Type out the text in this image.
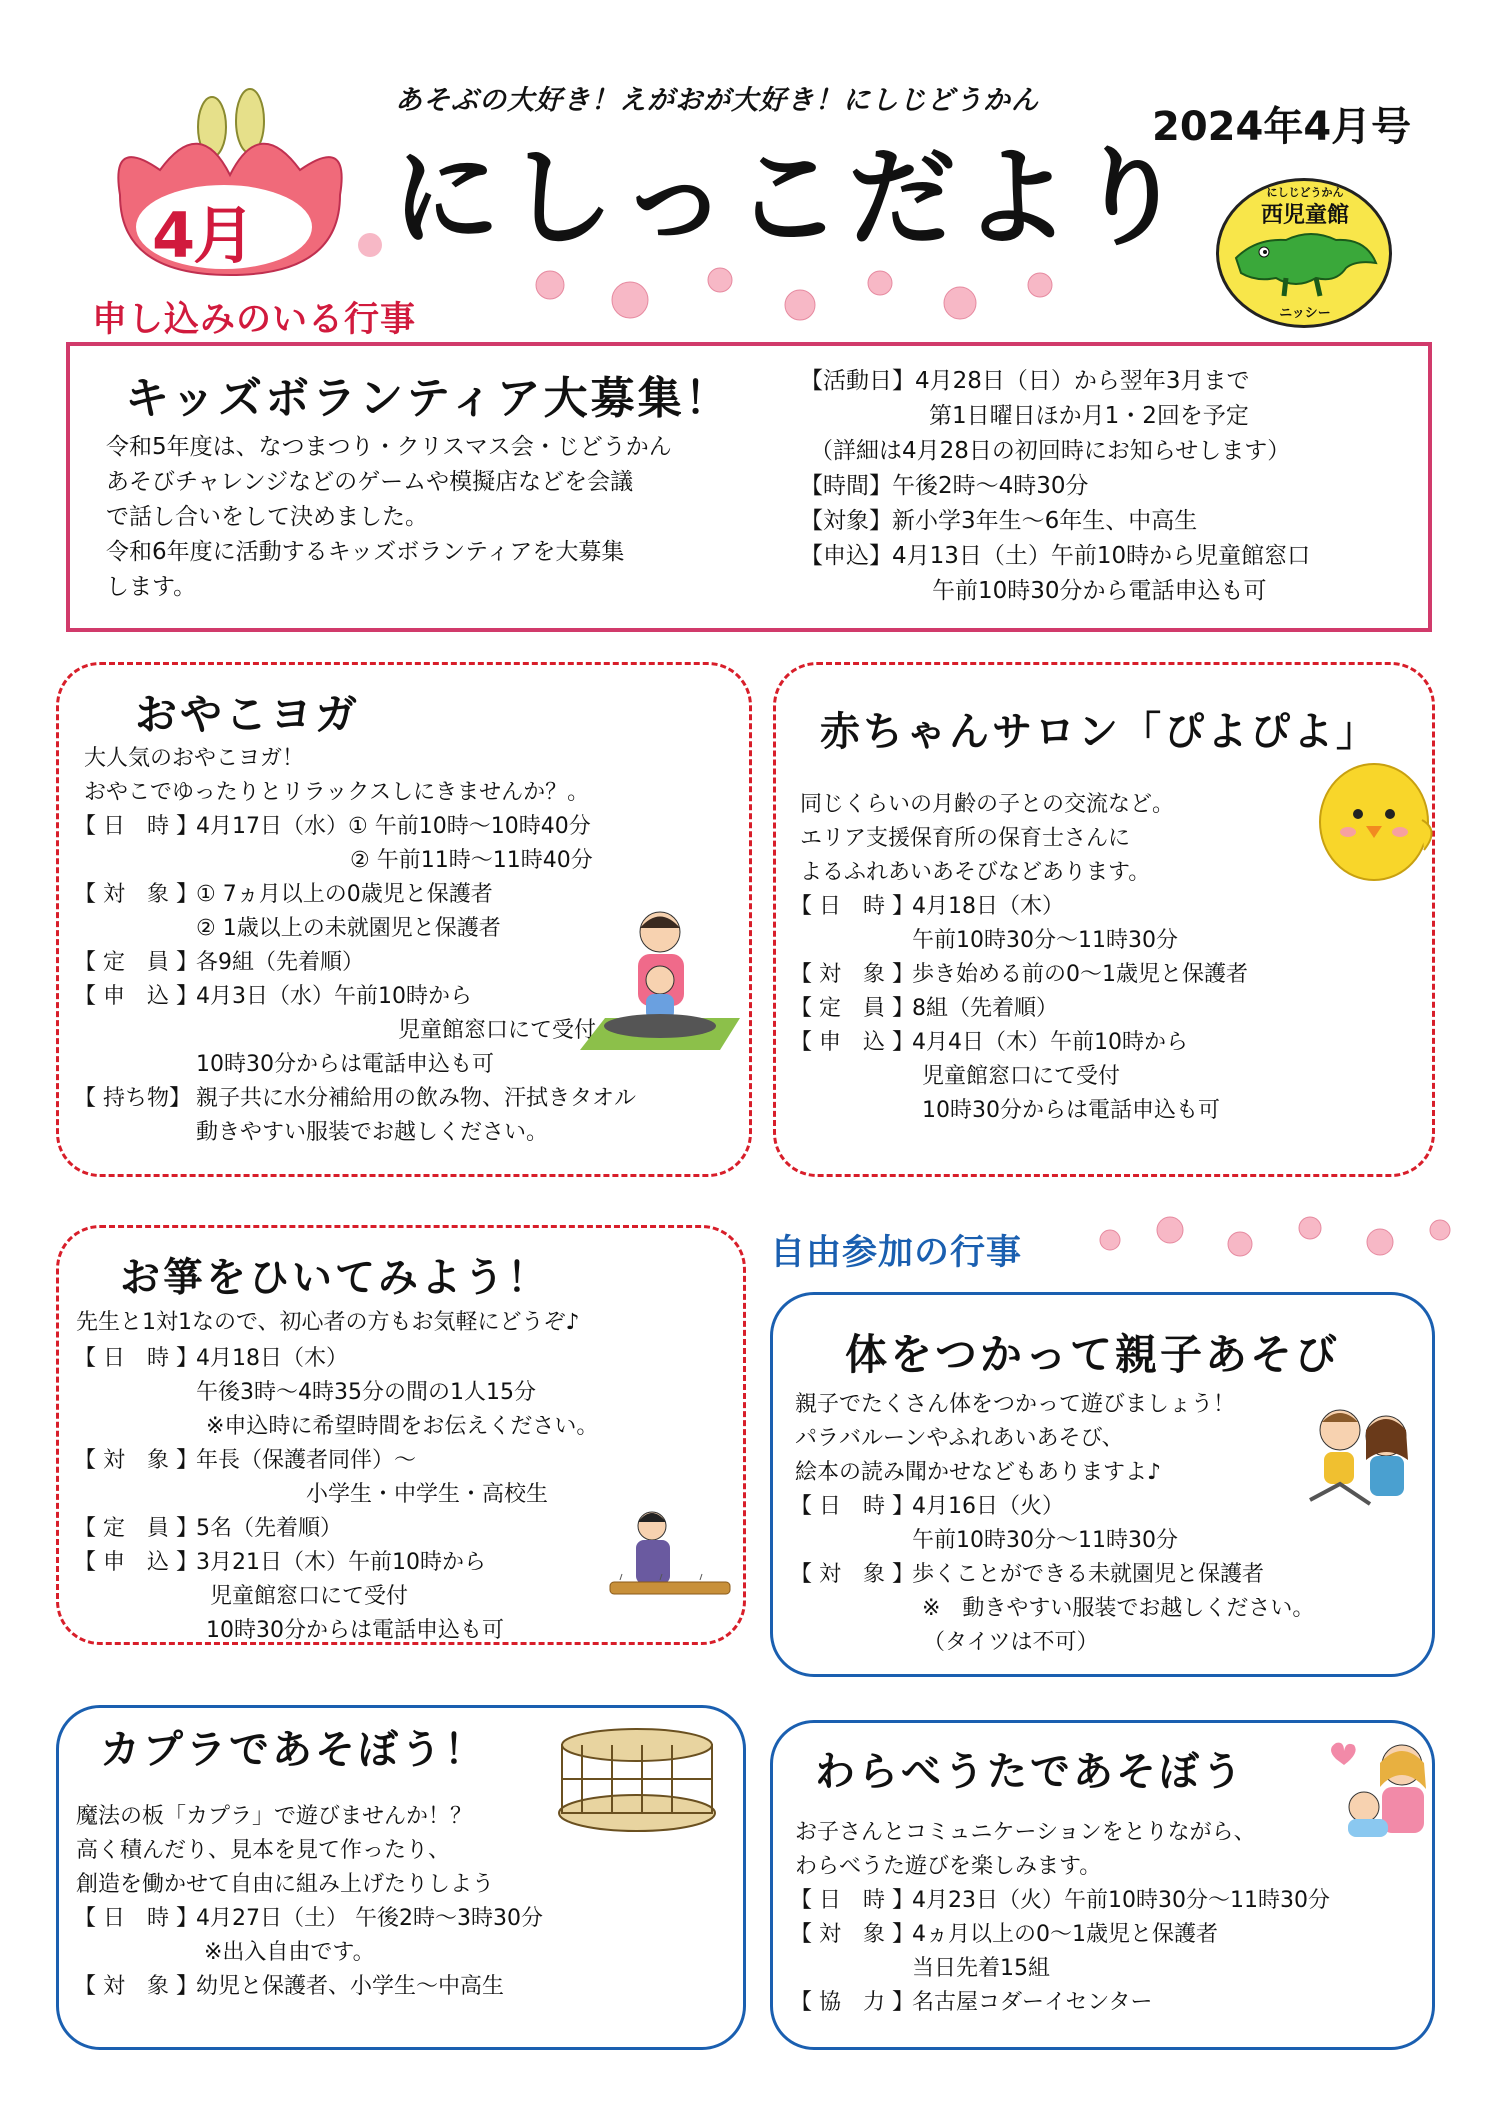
あそぶの大好き！えがおが大好き！にしじどうかん
2024年4月号
にしっこだより
4月
にしじどうかん
西児童館
ニッシー
申し込みのいる行事
自由参加の行事
キッズボランティア大募集！
令和5年度は、なつまつり・クリスマス会・じどうかん
あそびチャレンジなどのゲームや模擬店などを会議
で話し合いをして決めました。
令和6年度に活動するキッズボランティアを大募集
します。
【活動日】4月28日（日）から翌年3月まで
　　　第1日曜日ほか月1・2回を予定
（詳細は4月28日の初回時にお知らせします）
【時間】午後2時～4時30分
【対象】新小学3年生～6年生、中高生
【申込】4月13日（土）午前10時から児童館窓口
　　　　午前10時30分から電話申込も可
おやこヨガ
大人気のおやこヨガ！
おやこでゆったりとリラックスしにきませんか？。
【 日　時 】4月17日（水）① 午前10時～10時40分
　　　　　　　② 午前11時～11時40分
【 対　象 】① 7ヵ月以上の0歳児と保護者
② 1歳以上の未就園児と保護者
【 定　員 】各9組（先着順）
【 申　込 】4月3日（水）午前10時から
　　　　児童館窓口にて受付
10時30分からは電話申込も可
【 持ち物】 親子共に水分補給用の飲み物、汗拭きタオル
動きやすい服装でお越しください。
赤ちゃんサロン「ぴよぴよ」
同じくらいの月齢の子との交流など。
エリア支援保育所の保育士さんに
よるふれあいあそびなどあります。
【 日　時 】4月18日（木）
午前10時30分～11時30分
【 対　象 】歩き始める前の0～1歳児と保護者
【 定　員 】8組（先着順）
【 申　込 】4月4日（木）午前10時から
児童館窓口にて受付
10時30分からは電話申込も可
お箏をひいてみよう！
先生と1対1なので、初心者の方もお気軽にどうぞ♪
【 日　時 】4月18日（木）
午後3時～4時35分の間の1人15分
※申込時に希望時間をお伝えください。
【 対　象 】年長（保護者同伴）～
　　　　　小学生・中学生・高校生
【 定　員 】5名（先着順）
【 申　込 】3月21日（木）午前10時から
児童館窓口にて受付
10時30分からは電話申込も可
体をつかって親子あそび
親子でたくさん体をつかって遊びましょう！
パラバルーンやふれあいあそび、
絵本の読み聞かせなどもありますよ♪
【 日　時 】4月16日（火）
午前10時30分～11時30分
【 対　象 】歩くことができる未就園児と保護者
※　動きやすい服装でお越しください。
　（タイツは不可）
カプラであそぼう！
魔法の板「カプラ」で遊びませんか！？
高く積んだり、見本を見て作ったり、
創造を働かせて自由に組み上げたりしよう
【 日　時 】4月27日（土） 午後2時～3時30分
※出入自由です。
【 対　象 】幼児と保護者、小学生～中高生
わらべうたであそぼう
お子さんとコミュニケーションをとりながら、
わらべうた遊びを楽しみます。
【 日　時 】4月23日（火）午前10時30分～11時30分
【 対　象 】4ヵ月以上の0～1歳児と保護者
当日先着15組
【 協　力 】名古屋コダーイセンター
